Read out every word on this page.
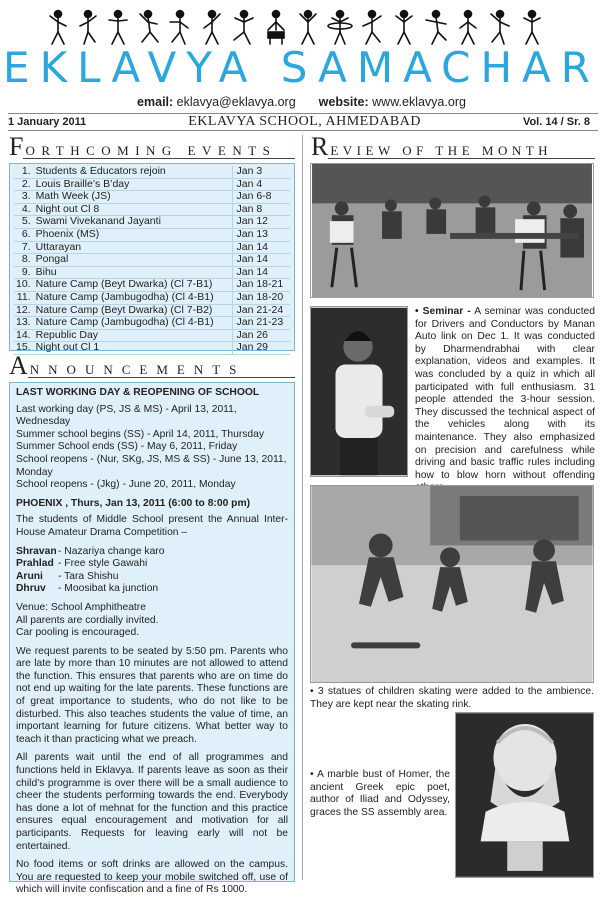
EKLAVYA SAMACHAR
email: eklavya@eklavya.org website: www.eklavya.org
1 January 2011	EKLAVYA SCHOOL, AHMEDABAD	Vol. 14 / Sr. 8
F ORTHCOMING EVENTS
1.	Students & Educators rejoin	Jan 3
2.	Louis Braille’s B’day	Jan 4
3.	Math Week (JS)	Jan 6-8
4.	Night out Cl 8	Jan 8
5.	Swami Vivekanand Jayanti	Jan 12
6.	Phoenix (MS)	Jan 13
7.	Uttarayan	Jan 14
8.	Pongal	Jan 14
9.	Bihu	Jan 14
10.	Nature Camp (Beyt Dwarka) (Cl 7-B1)	Jan 18-21
11.	Nature Camp (Jambugodha) (Cl 4-B1)	Jan 18-20
12.	Nature Camp (Beyt Dwarka) (Cl 7-B2)	Jan 21-24
13.	Nature Camp (Jambugodha) (Cl 4-B1)	Jan 21-23
14.	Republic Day	Jan 26
15.	Night out Cl 1	Jan 29
A NNOUNCEMENTS

LAST WORKING DAY & REOPENING OF SCHOOL

Last working day (PS, JS & MS) - April 13, 2011, Wednesday
Summer school begins (SS) - April 14, 2011, Thursday
Summer School ends (SS) - May 6, 2011, Friday
School reopens - (Nur, SKg, JS, MS & SS) - June 13, 2011, Monday
School reopens - (Jkg) - June 20, 2011, Monday

PHOENIX , Thurs, Jan 13, 2011 (6:00 to 8:00 pm)

The students of Middle School present the Annual Inter-House Amateur Drama Competition –

Shravan - Nazariya change karo
Prahlad - Free style Gawahi
Aruni	- Tara Shishu
Dhruv	- Moosibat ka junction

Venue: School Amphitheatre
All parents are cordially invited.
Car pooling is encouraged.

We request parents to be seated by 5:50 pm. Parents who are late by more than 10 minutes are not allowed to attend the function. This ensures that parents who are on time do not end up waiting for the late parents. These functions are of great importance to students, who do not like to be disturbed. This also teaches students the value of time, an important learning for future citizens. What better way to teach it than practicing what we preach.

All parents wait until the end of all programmes and functions held in Eklavya. If parents leave as soon as their child’s programme is over there will be a small audience to cheer the students performing towards the end. Everybody has done a lot of mehnat for the function and this practice ensures equal encouragement and motivation for all participants. Requests for leaving early will not be entertained.

No food items or soft drinks are allowed on the campus. You are requested to keep your mobile switched off, use of which will invite confiscation and a fine of Rs 1000.

R EVIEW OF THE MONTH
• Seminar - A seminar was conducted for Drivers and Conductors by Manan Auto link on Dec 1. It was conducted by Dharmendrabhai with clear explanation, videos and examples. It was concluded by a quiz in which all participated with full enthusiasm. 31 people attended the 3-hour session. They discussed the technical aspect of the vehicles along with its maintenance. They also emphasized on precision and carefulness while driving and basic traffic rules including how to blow horn without offending
• 3 statues of children skating were added to the ambience. They are kept near the skating rink.
• A marble bust of Homer, the ancient Greek epic poet, author of Iliad and Odyssey, graces the SS assembly area.
